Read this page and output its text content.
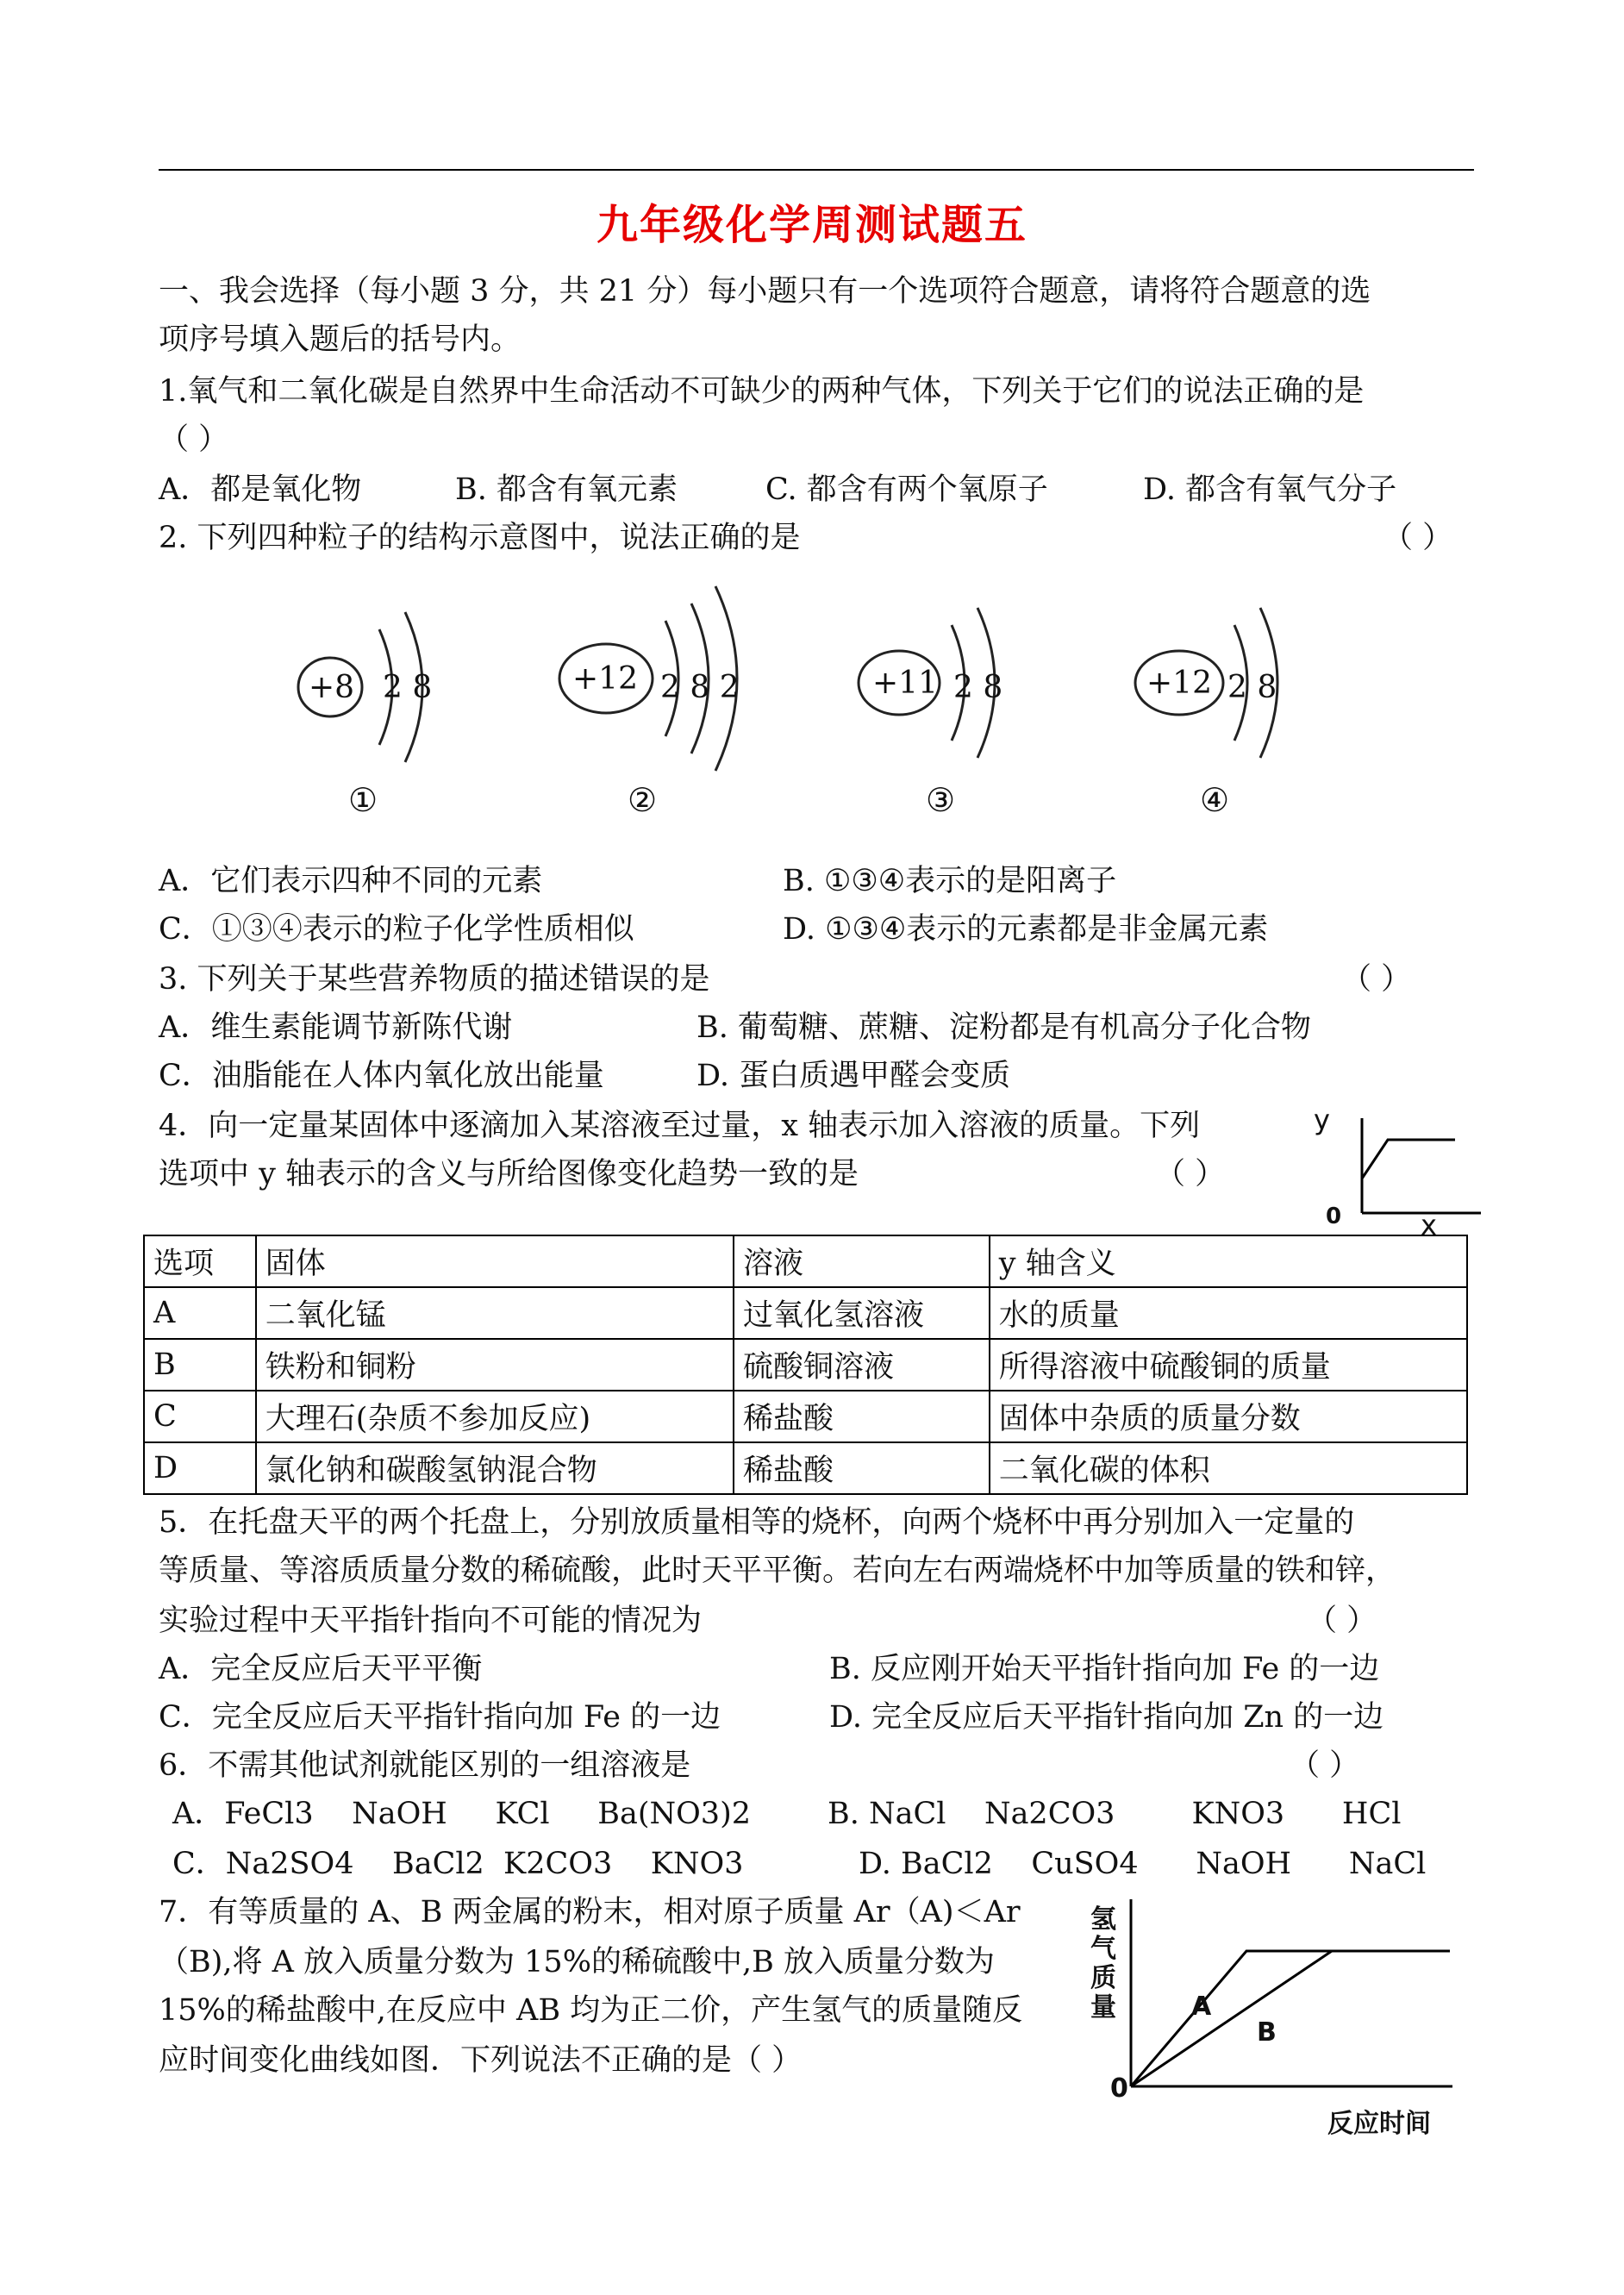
九年级化学周测试题五
一、我会选择（每小题 3 分，共 21 分）每小题只有一个选项符合题意，请将符合题意的选
项序号填入题后的括号内。
1.氧气和二氧化碳是自然界中生命活动不可缺少的两种气体，下列关于它们的说法正确的是
（ ）
A．都是氧化物	B. 都含有氧元素	C. 都含有两个氧原子	D. 都含有氧气分子
2. 下列四种粒子的结构示意图中，说法正确的是	（ ）
+8 2 8	+12 2 8 2	+11 2 8	+12 2 8
①	②	③	④
A．它们表示四种不同的元素	B. ①③④表示的是阳离子
C．①③④表示的粒子化学性质相似	D. ①③④表示的元素都是非金属元素
3. 下列关于某些营养物质的描述错误的是	（ ）
A．维生素能调节新陈代谢	B. 葡萄糖、蔗糖、淀粉都是有机高分子化合物
C．油脂能在人体内氧化放出能量	D. 蛋白质遇甲醛会变质
4．向一定量某固体中逐滴加入某溶液至过量，x 轴表示加入溶液的质量。下列
选项中 y 轴表示的含义与所给图像变化趋势一致的是	（ ）
y
0	x
选项	固体	溶液	y 轴含义
A	二氧化锰	过氧化氢溶液	水的质量
B	铁粉和铜粉	硫酸铜溶液	所得溶液中硫酸铜的质量
C	大理石(杂质不参加反应)	稀盐酸	固体中杂质的质量分数
D	氯化钠和碳酸氢钠混合物	稀盐酸	二氧化碳的体积
5．在托盘天平的两个托盘上，分别放质量相等的烧杯，向两个烧杯中再分别加入一定量的
等质量、等溶质质量分数的稀硫酸，此时天平平衡。若向左右两端烧杯中加等质量的铁和锌，
实验过程中天平指针指向不可能的情况为	（ ）
A．完全反应后天平平衡	B. 反应刚开始天平指针指向加 Fe 的一边
C．完全反应后天平指针指向加 Fe 的一边	D. 完全反应后天平指针指向加 Zn 的一边
6．不需其他试剂就能区别的一组溶液是	（ ）
A．FeCl3    NaOH     KCl     Ba(NO3)2        B. NaCl    Na2CO3        KNO3      HCl
C．Na2SO4    BaCl2  K2CO3    KNO3            D. BaCl2    CuSO4      NaOH      NaCl
7．有等质量的 A、B 两金属的粉末，相对原子质量 Ar（A)＜Ar
（B),将 A 放入质量分数为 15%的稀硫酸中,B 放入质量分数为
15%的稀盐酸中,在反应中 AB 均为正二价，产生氢气的质量随反
应时间变化曲线如图．下列说法不正确的是（ ）
氢
气
质
量	A
B
0
反应时间
